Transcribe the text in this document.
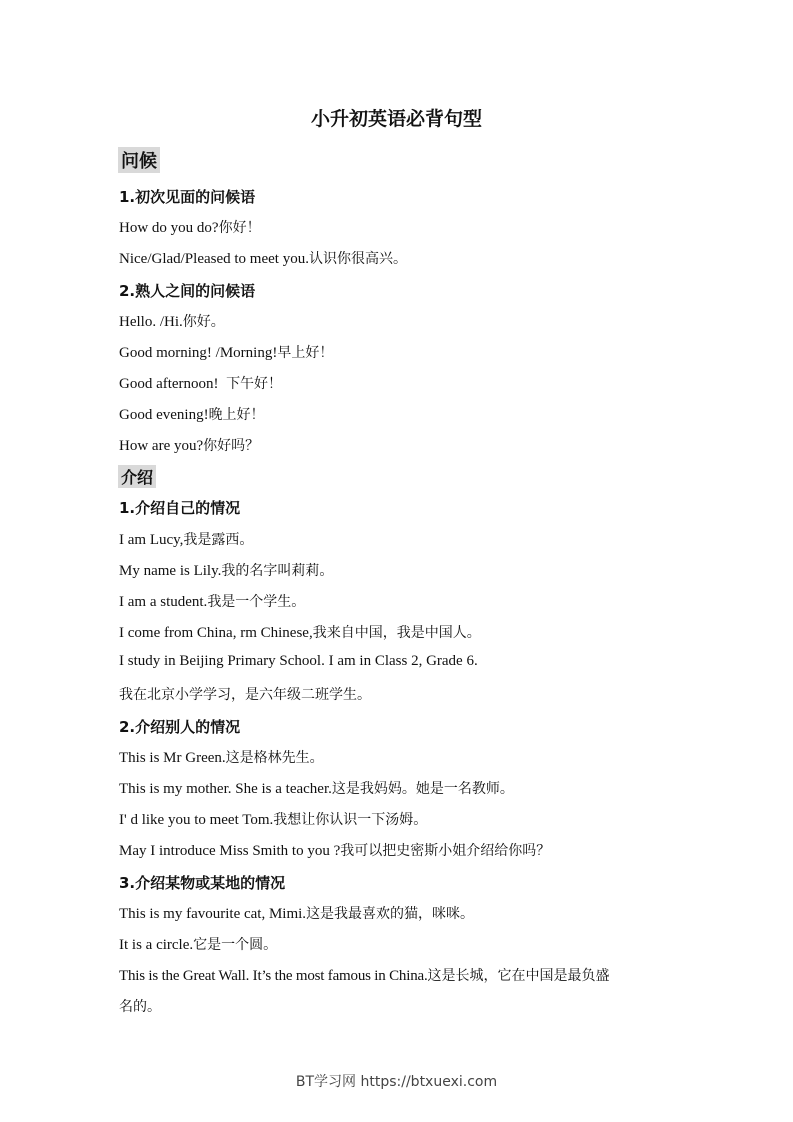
小升初英语必背句型
问候
1.初次见面的问候语
How do you do?你好！
Nice/Glad/Pleased to meet you.认识你很高兴。
2.熟人之间的问候语
Hello. /Hi.你好。
Good morning! /Morning!早上好！
Good afternoon!  下午好！
Good evening!晚上好！
How are you?你好吗？
介绍
1.介绍自己的情况
I am Lucy,我是露西。
My name is Lily.我的名字叫莉莉。
I am a student.我是一个学生。
I come from China, rm Chinese,我来自中国，我是中国人。
I study in Beijing Primary School. I am in Class 2, Grade 6.
我在北京小学学习，是六年级二班学生。
2.介绍别人的情况
This is Mr Green.这是格林先生。
This is my mother. She is a teacher.这是我妈妈。她是一名教师。
I' d like you to meet Tom.我想让你认识一下汤姆。
May I introduce Miss Smith to you ?我可以把史密斯小姐介绍给你吗？
3.介绍某物或某地的情况
This is my favourite cat, Mimi.这是我最喜欢的猫，咪咪。
It is a circle.它是一个圆。
This is the Great Wall. It’s the most famous in China.这是长城，它在中国是最负盛
名的。
BT学习网 https://btxuexi.com
